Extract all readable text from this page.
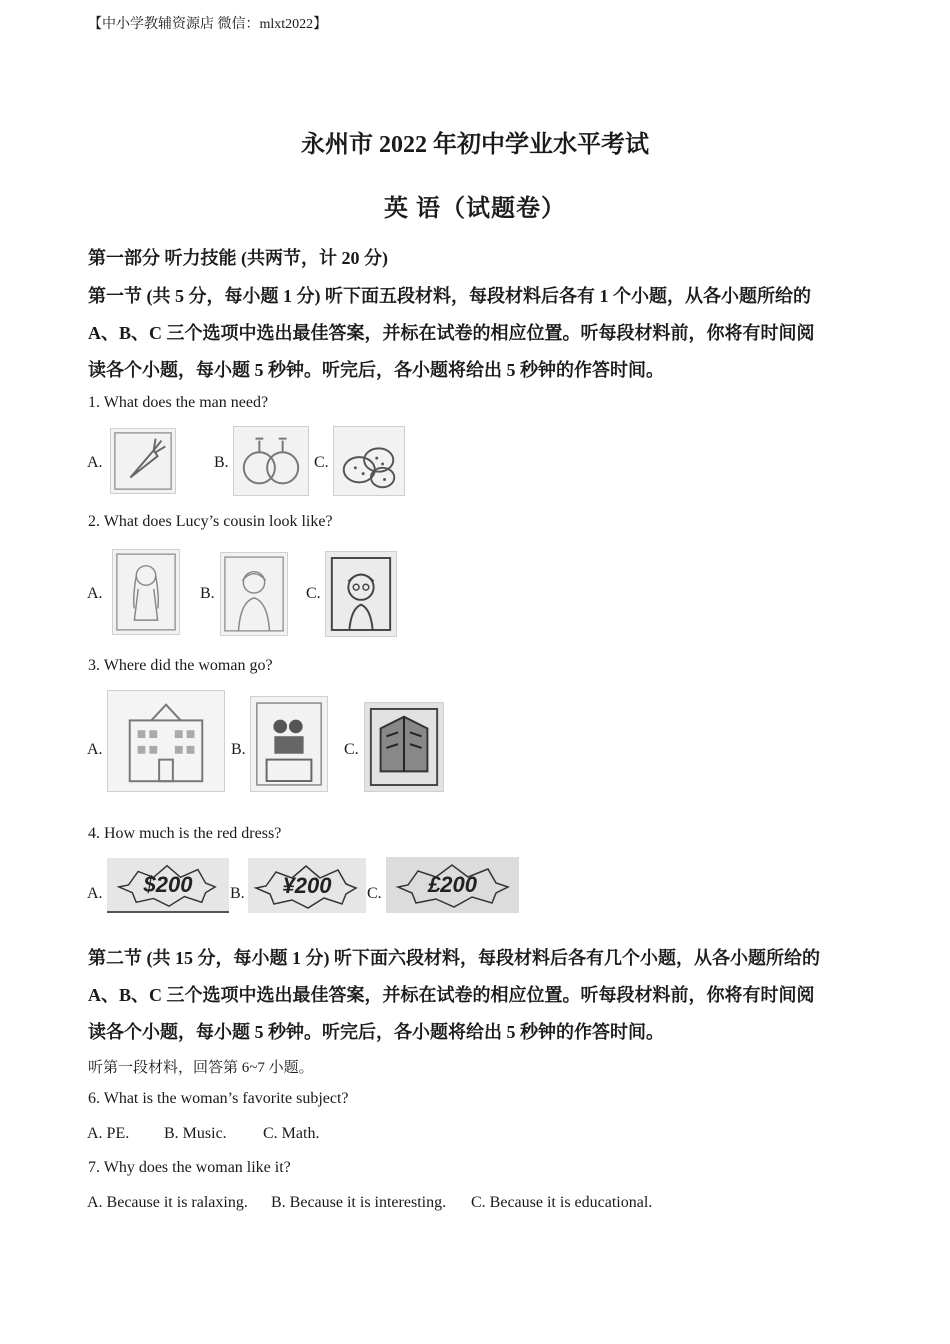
【中小学教辅资源店 微信：mlxt2022】
永州市 2022 年初中学业水平考试
英 语（试题卷）
第一部分 听力技能 (共两节，计 20 分)
第一节 (共 5 分，每小题 1 分) 听下面五段材料，每段材料后各有 1 个小题，从各小题所给的
A、B、C 三个选项中选出最佳答案，并标在试卷的相应位置。听每段材料前，你将有时间阅
读各个小题，每小题 5 秒钟。听完后，各小题将给出 5 秒钟的作答时间。
1. What does the man need?
A.	B.	C.
2. What does Lucy’s cousin look like?
A.	B.	C.
3. Where did the woman go?
A.	B.	C.
4. How much is the red dress?
A. $200 B. ¥200 C. £200
第二节 (共 15 分，每小题 1 分) 听下面六段材料，每段材料后各有几个小题，从各小题所给的
A、B、C 三个选项中选出最佳答案，并标在试卷的相应位置。听每段材料前，你将有时间阅
读各个小题，每小题 5 秒钟。听完后，各小题将给出 5 秒钟的作答时间。
听第一段材料，回答第 6~7 小题。
6. What is the woman’s favorite subject?
A. PE. B. Music. C. Math.
7. Why does the woman like it?
A. Because it is ralaxing. B. Because it is interesting. C. Because it is educational.
